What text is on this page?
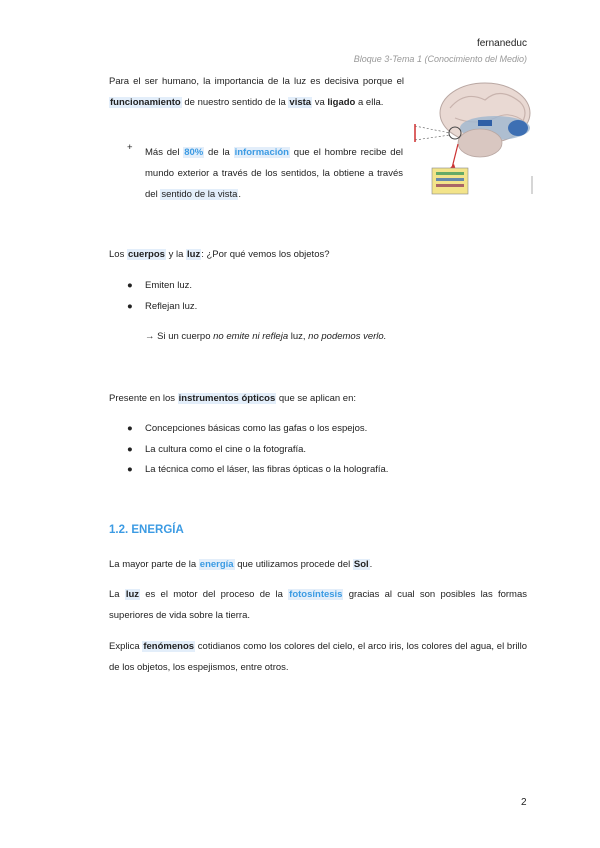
fernaneduc
Bloque 3-Tema 1 (Conocimiento del Medio)
Para el ser humano, la importancia de la luz es decisiva porque el funcionamiento de nuestro sentido de la vista va ligado a ella.
+ Más del 80% de la información que el hombre recibe del mundo exterior a través de los sentidos, la obtiene a través del sentido de la vista.
Los cuerpos y la luz: ¿Por qué vemos los objetos?
● Emiten luz.
● Reflejan luz.
→ Si un cuerpo no emite ni refleja luz, no podemos verlo.
Presente en los instrumentos ópticos que se aplican en:
● Concepciones básicas como las gafas o los espejos.
● La cultura como el cine o la fotografía.
● La técnica como el láser, las fibras ópticas o la holografía.
1.2. ENERGÍA
La mayor parte de la energía que utilizamos procede del Sol.
La luz es el motor del proceso de la fotosíntesis gracias al cual son posibles las formas superiores de vida sobre la tierra.
Explica fenómenos cotidianos como los colores del cielo, el arco iris, los colores del agua, el brillo de los objetos, los espejismos, entre otros.
2
